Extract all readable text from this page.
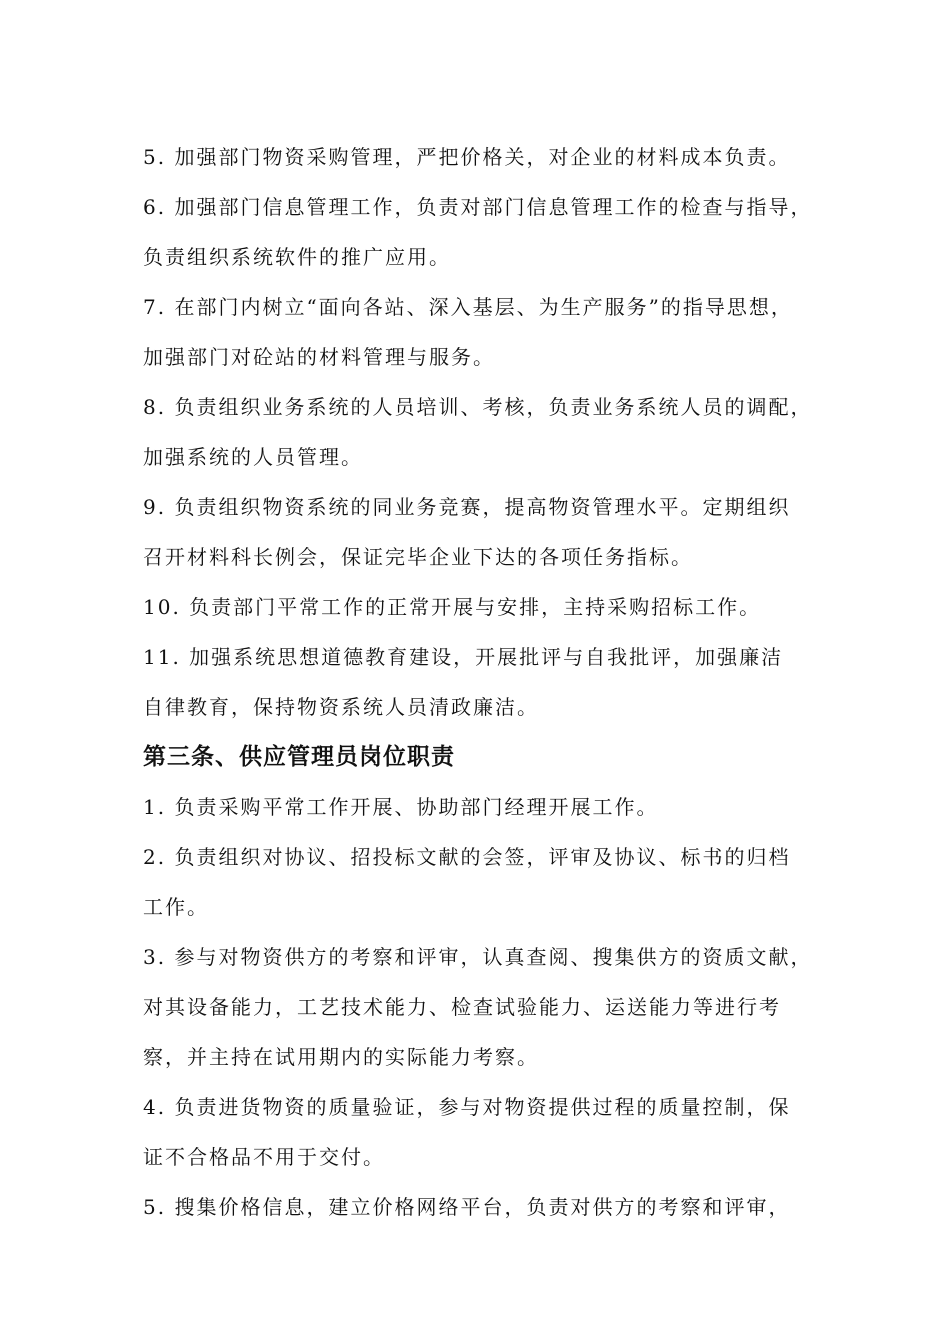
5. 加强部门物资采购管理，严把价格关，对企业的材料成本负责。
6. 加强部门信息管理工作，负责对部门信息管理工作的检查与指导，
负责组织系统软件的推广应用。
7. 在部门内树立“面向各站、深入基层、为生产服务”的指导思想，
加强部门对砼站的材料管理与服务。
8. 负责组织业务系统的人员培训、考核，负责业务系统人员的调配，
加强系统的人员管理。
9. 负责组织物资系统的同业务竞赛，提高物资管理水平。定期组织
召开材料科长例会，保证完毕企业下达的各项任务指标。
10. 负责部门平常工作的正常开展与安排，主持采购招标工作。
11. 加强系统思想道德教育建设，开展批评与自我批评，加强廉洁
自律教育，保持物资系统人员清政廉洁。
第三条、供应管理员岗位职责
1. 负责采购平常工作开展、协助部门经理开展工作。
2. 负责组织对协议、招投标文献的会签，评审及协议、标书的归档
工作。
3. 参与对物资供方的考察和评审，认真查阅、搜集供方的资质文献，
对其设备能力，工艺技术能力、检查试验能力、运送能力等进行考
察，并主持在试用期内的实际能力考察。
4. 负责进货物资的质量验证，参与对物资提供过程的质量控制，保
证不合格品不用于交付。
5. 搜集价格信息，建立价格网络平台，负责对供方的考察和评审，
